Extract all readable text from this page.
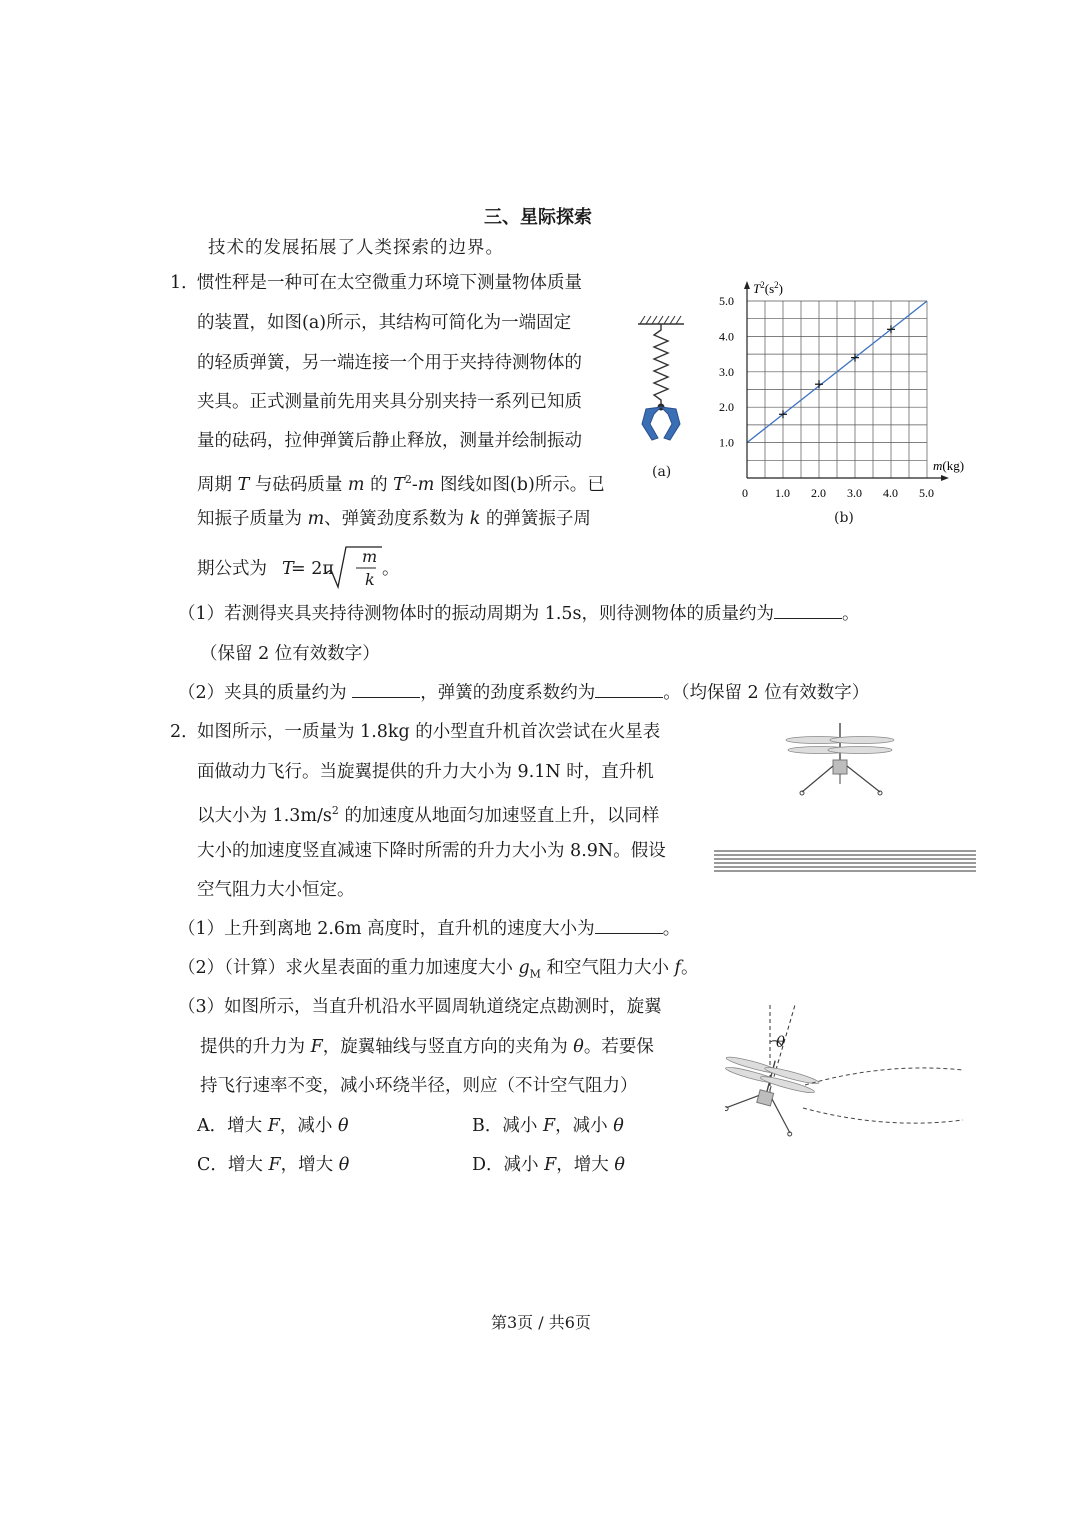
三、星际探索
技术的发展拓展了人类探索的边界。
1．
惯性秤是一种可在太空微重力环境下测量物体质量
的装置，如图(a)所示，其结构可简化为一端固定
的轻质弹簧，另一端连接一个用于夹持待测物体的
夹具。正式测量前先用夹具分别夹持一系列已知质
量的砝码，拉伸弹簧后静止释放，测量并绘制振动
周期 T 与砝码质量 m 的 $T^2-m$ 图线如图(b)所示。已
知振子质量为 m、弹簧劲度系数为 k 的弹簧振子周
期公式为 T
= 2π
m
k
。
(a)
0 1.0 2.0 3.0 4.0 5.0
1.0
2.0
3.0
4.0
5.0
$T^2(s^2)$
m(kg)
(b)
（1）若测得夹具夹持待测物体时的振动周期为 1.5s，则待测物体的质量约为	。
（保留 2 位有效数字）
（2）夹具的质量约为	，弹簧的劲度系数约为	。（均保留 2 位有效数字）
2．
如图所示，一质量为 1.8kg 的小型直升机首次尝试在火星表
面做动力飞行。当旋翼提供的升力大小为 9.1N 时，直升机
以大小为 $1.3m/s^2$ 的加速度从地面匀加速竖直上升，以同样
大小的加速度竖直减速下降时所需的升力大小为 8.9N。假设
空气阻力大小恒定。
（1）上升到离地 2.6m 高度时，直升机的速度大小为	。
（2）（计算）求火星表面的重力加速度大小 $g_M$ 和空气阻力大小 f。
（3）如图所示，当直升机沿水平圆周轨道绕定点勘测时，旋翼
提供的升力为 F，旋翼轴线与竖直方向的夹角为 θ。若要保
持飞行速率不变，减小环绕半径，则应（不计空气阻力）
θ
A．增大 F，减小 θ	B．减小 F，减小 θ
C．增大 F，增大 θ	D．减小 F，增大 θ
第3页 / 共6页
